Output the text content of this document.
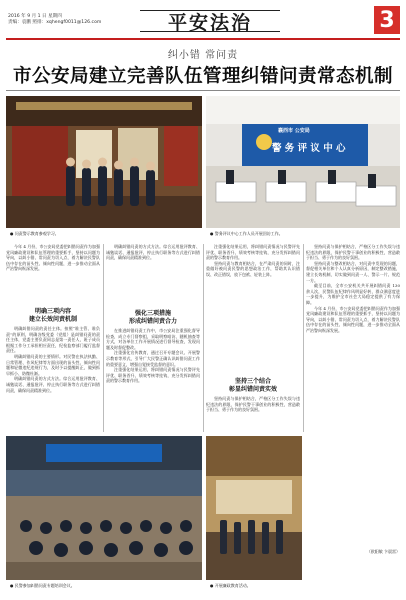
2016 年 9 月 1 日 星期四
责编：袁鹏 照排：xqhengf0011@126.com	平安法治	3
纠小错 常问责
市公安局建立完善队伍管理纠错问责常态机制
● 问责警示教育参观学习。
襄西市 公安局
警 务 评 议 中 心
● 警务评议中心工作人员开展回访工作。

今年 4 月份，市公安局党委把纠错问责作为加强党风廉政建设和队伍管理的重要抓手，坚持以问题为导向，以纠小错、常问责为切入点，着力解决民警队伍中存在的苗头性、倾向性问题，进一步推动全面从严治警向纵深发展。

明确三项内容
建立长效问责机制

明确纠错问责的责任主体。按照“谁主管、谁负责”的原则，明确各级党委（党组）是纠错问责的责任主体，党委主要负责同志是第一责任人，班子成员根据工作分工承担相应责任，纪检监察部门履行监督责任。

明确纠错问责的主要情形。对民警在执法执勤、日常管理、作风纪律等方面出现的苗头性、倾向性问题和轻微违纪违规行为，及时予以提醒纠正，做到抓早抓小、防微杜渐。

明确纠错问责的方式方法。综合运用批评教育、诫勉谈话、通报批评、停止执行职务等方式进行纠错问责，确保问责精准到位。

明确纠错问责的方式方法。综合运用批评教育、诫勉谈话、通报批评、停止执行职务等方式进行纠错问责，确保问责精准到位。

强化三项措施
形成纠错问责合力

在推进纠错问责工作中，市公安局注重强化督导检查，成立专门督察组，采取明察暗访、随机抽查等方式，对各单位工作开展情况进行督导检查，发现问题及时督促整改。

注重强化宣传教育，通过召开专题会议、开展警示教育等形式，引导广大民警正确认识纠错问责工作的重要意义，增强自觉接受监督的意识。

注重强化结果运用，将纠错问责情况与民警评先评优、职务晋升、绩效考核等挂钩，充分发挥纠错问责的警示教育作用。

注重强化结果运用，将纠错问责情况与民警评先评优、职务晋升、绩效考核等挂钩，充分发挥纠错问责的警示教育作用。

坚持问责与教育相结合，在严肃问责的同时，注重做好被问责民警的思想政治工作，帮助其认识错误、改正错误，放下包袱、轻装上阵。

坚持三个结合
彰显纠错问责实效

坚持问责与保护相结合，严格区分工作失误与违纪违法的界限，保护民警干事创业的积极性，营造敢于担当、勇于作为的良好氛围。

坚持问责与保护相结合，严格区分工作失误与违纪违法的界限，保护民警干事创业的积极性，营造敢于担当、勇于作为的良好氛围。

坚持问责与整改相结合，对问责中发现的问题，督促相关单位和个人认真分析原因，制定整改措施，建立长效机制，切实做到问责一人、警示一片、规范一方。

截至目前，全市公安机关共开展纠错问责 130 余人次，民警队伍纪律作风明显好转，群众满意度进一步提升，为维护全市社会大局稳定提供了有力保障。

今年 4 月份，市公安局党委把纠错问责作为加强党风廉政建设和队伍管理的重要抓手，坚持以问题为导向，以纠小错、常问责为切入点，着力解决民警队伍中存在的苗头性、倾向性问题，进一步推动全面从严治警向纵深发展。

（欧阳敏 卞晨雷）
● 民警参加纠错问责专题培训会议。	● 开展廉政教育活动。
